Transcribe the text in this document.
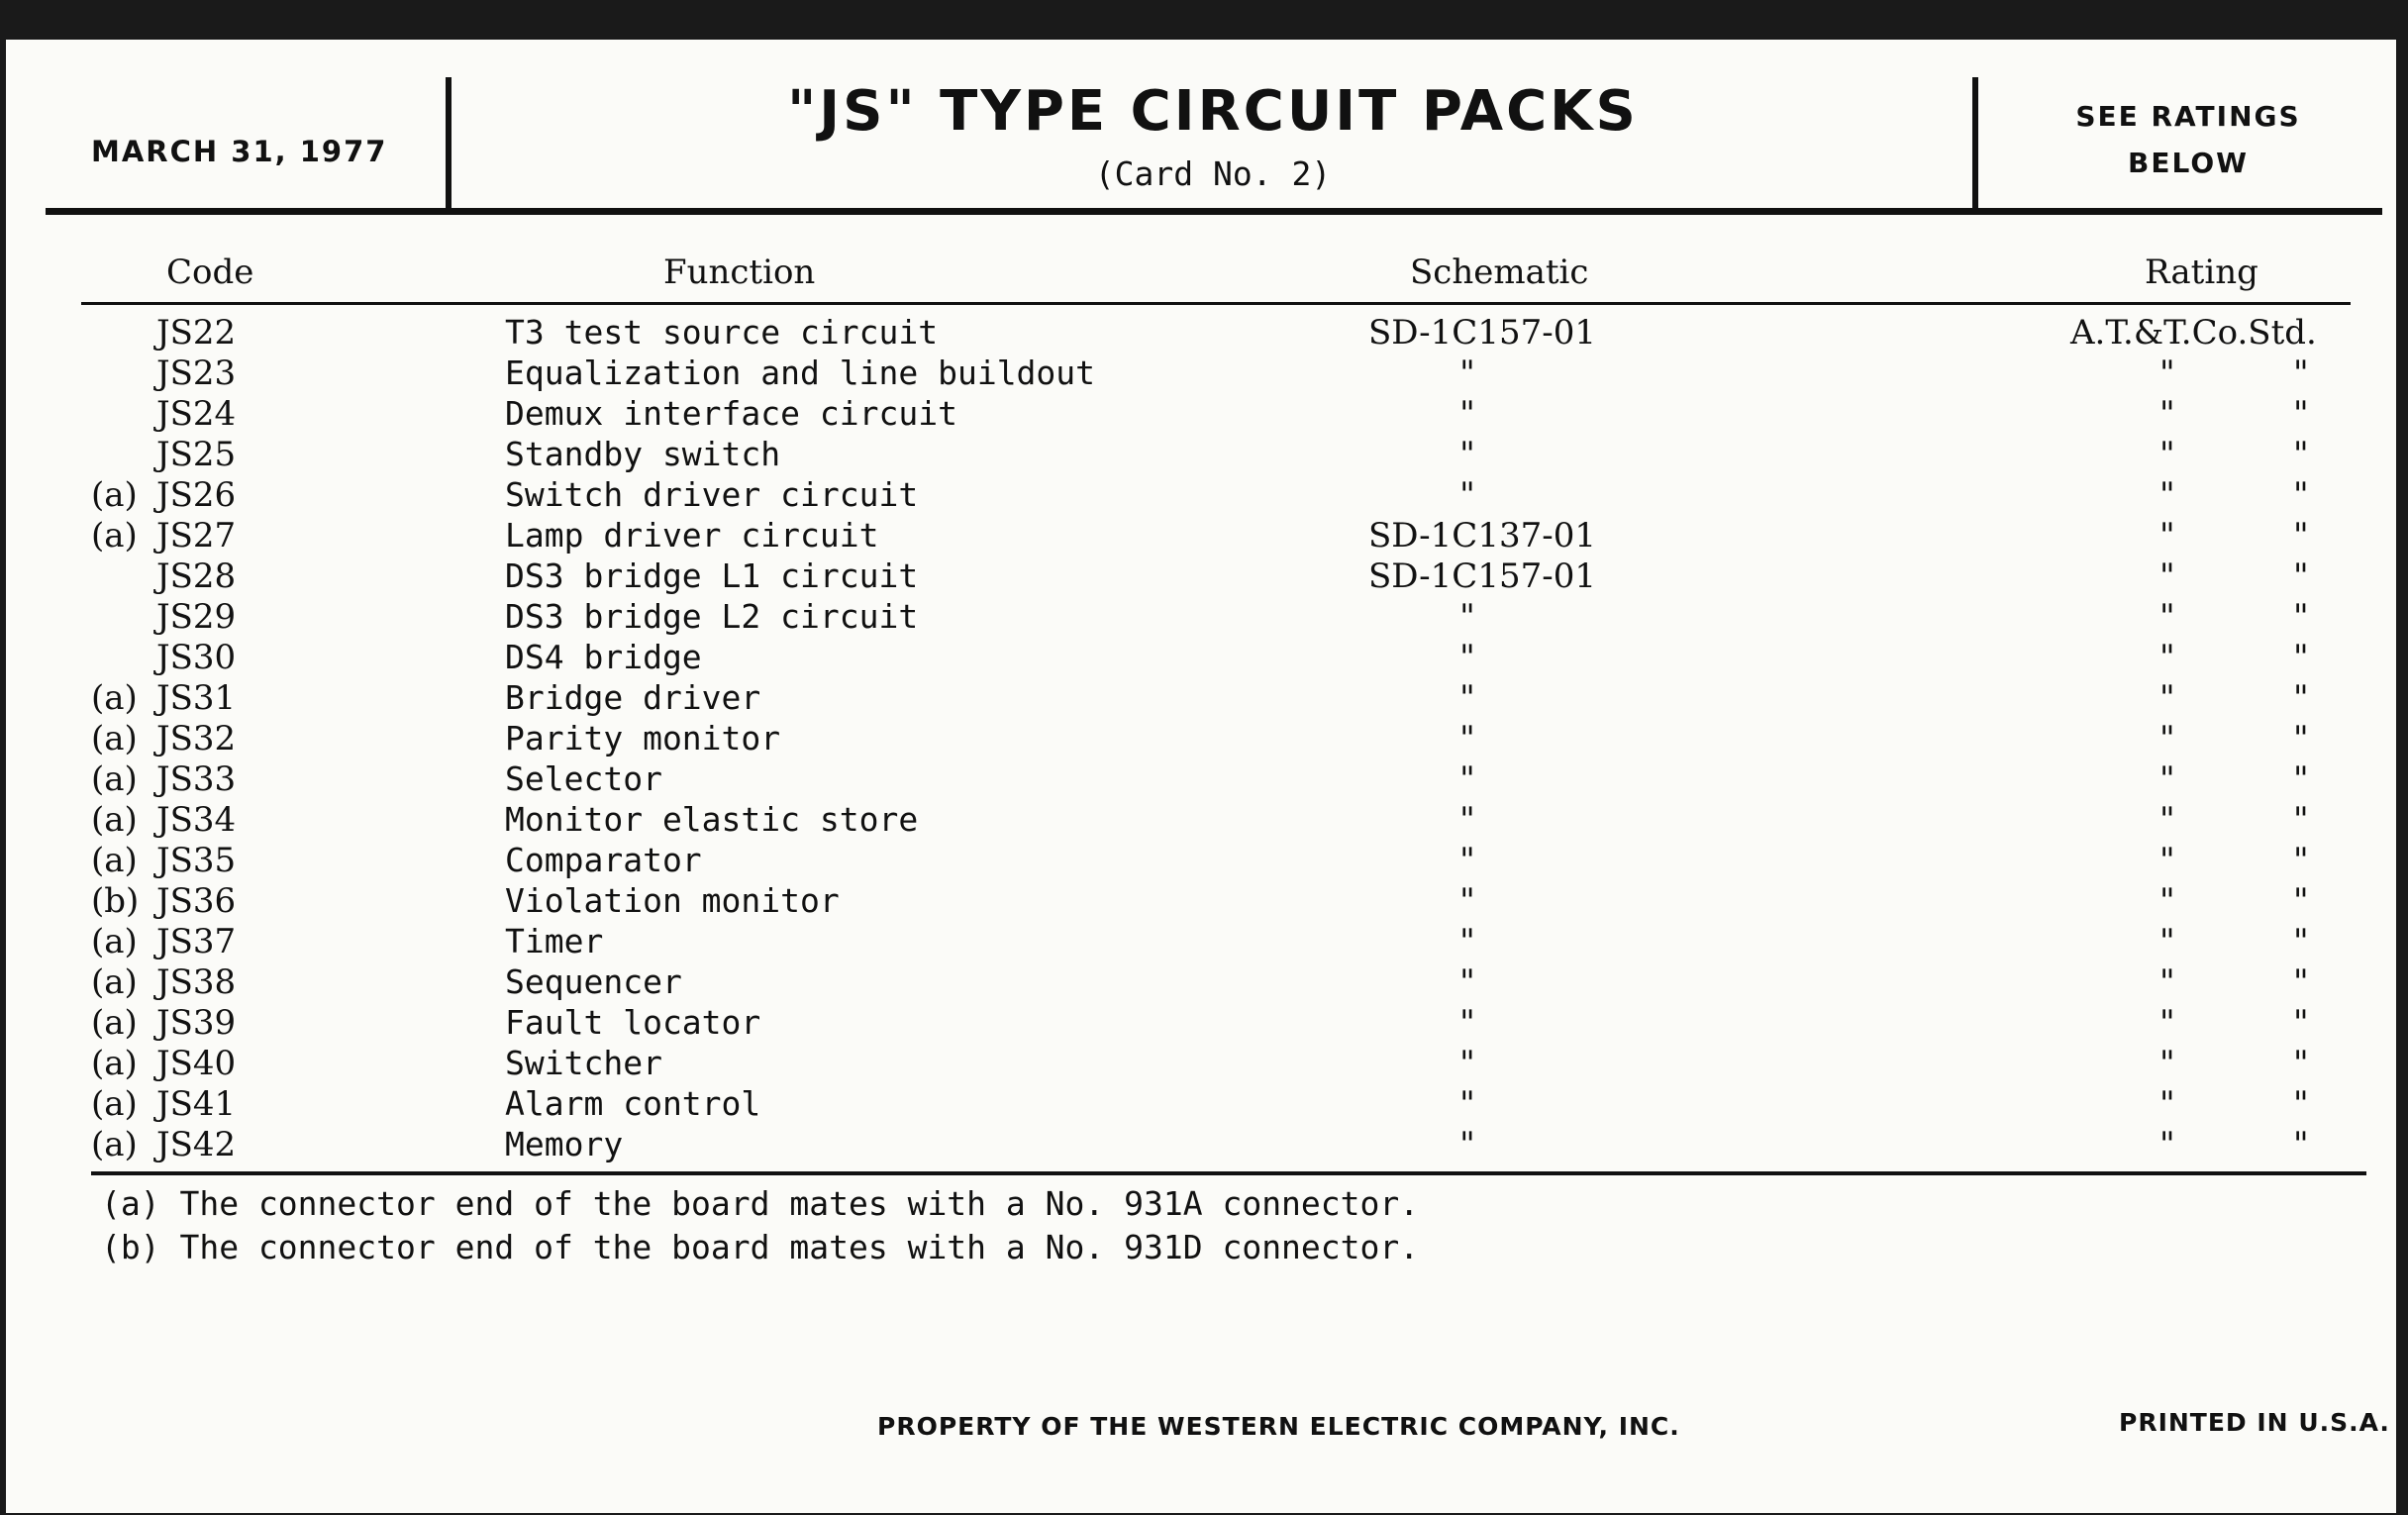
MARCH 31, 1977
"JS" TYPE CIRCUIT PACKS
(Card No. 2)
SEE RATINGS
BELOW
Code	Function	Schematic	Rating
JS22	T3 test source circuit	SD-1C157-01	A.T.&T.Co.Std.
JS23	Equalization and line buildout	"	"	"
JS24	Demux interface circuit	"	"	"
JS25	Standby switch	"	"	"
(a) JS26	Switch driver circuit	"	"	"
(a) JS27	Lamp driver circuit	SD-1C137-01	"	"
JS28	DS3 bridge L1 circuit	SD-1C157-01	"	"
JS29	DS3 bridge L2 circuit	"	"	"
JS30	DS4 bridge	"	"	"
(a) JS31	Bridge driver	"	"	"
(a) JS32	Parity monitor	"	"	"
(a) JS33	Selector	"	"	"
(a) JS34	Monitor elastic store	"	"	"
(a) JS35	Comparator	"	"	"
(b) JS36	Violation monitor	"	"	"
(a) JS37	Timer	"	"	"
(a) JS38	Sequencer	"	"	"
(a) JS39	Fault locator	"	"	"
(a) JS40	Switcher	"	"	"
(a) JS41	Alarm control	"	"	"
(a) JS42	Memory	"	"	"
(a) The connector end of the board mates with a No. 931A connector.
(b) The connector end of the board mates with a No. 931D connector.
PROPERTY OF THE WESTERN ELECTRIC COMPANY, INC.	PRINTED IN U.S.A.
